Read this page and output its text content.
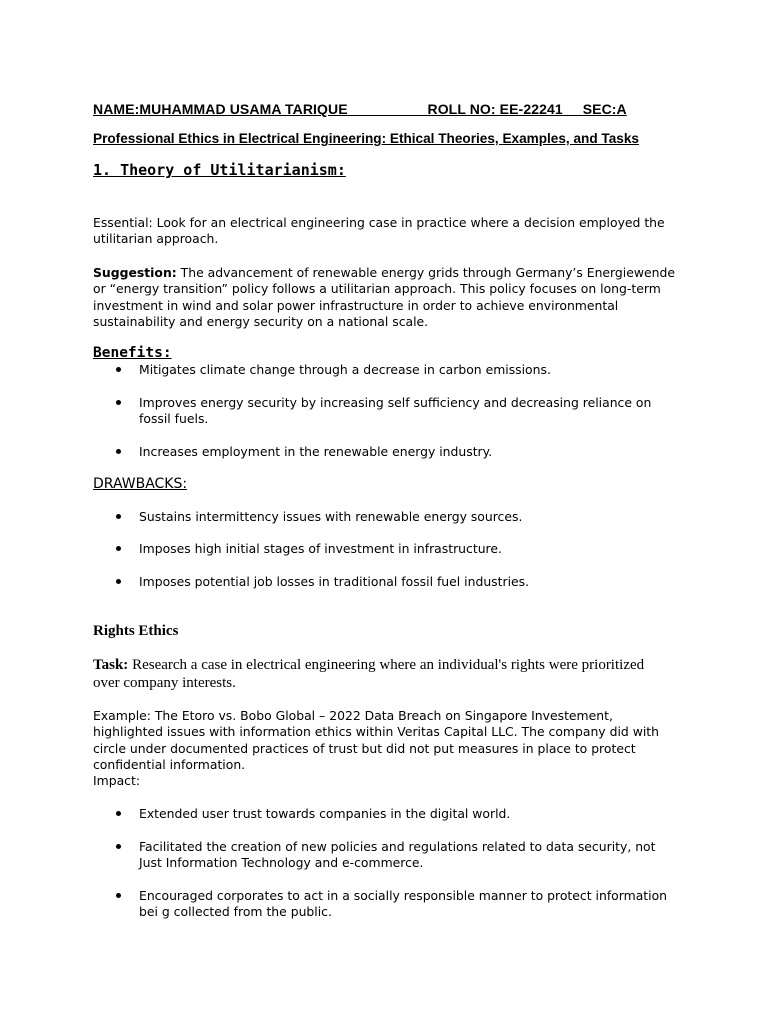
NAME:MUHAMMAD USAMA TARIQUE	ROLL NO: EE-22241 SEC:A

Professional Ethics in Electrical Engineering: Ethical Theories, Examples, and Tasks

1. Theory of Utilitarianism:

Essential: Look for an electrical engineering case in practice where a decision employed the utilitarian approach.

Suggestion: The advancement of renewable energy grids through Germany’s Energiewende or “energy transition” policy follows a utilitarian approach. This policy focuses on long-term investment in wind and solar power infrastructure in order to achieve environmental sustainability and energy security on a national scale.

Benefits:

Mitigates climate change through a decrease in carbon emissions.

Improves energy security by increasing self sufficiency and decreasing reliance on fossil fuels.

Increases employment in the renewable energy industry.

DRAWBACKS:

Sustains intermittency issues with renewable energy sources.

Imposes high initial stages of investment in infrastructure.

Imposes potential job losses in traditional fossil fuel industries.

Rights Ethics

Task: Research a case in electrical engineering where an individual's rights were prioritized over company interests.

Example: The Etoro vs. Bobo Global – 2022 Data Breach on Singapore Investement, highlighted issues with information ethics within Veritas Capital LLC. The company did with circle under documented practices of trust but did not put measures in place to protect confidential information.

Impact:

Extended user trust towards companies in the digital world.

Facilitated the creation of new policies and regulations related to data security, not Just Information Technology and e-commerce.

Encouraged corporates to act in a socially responsible manner to protect information bei g collected from the public.
